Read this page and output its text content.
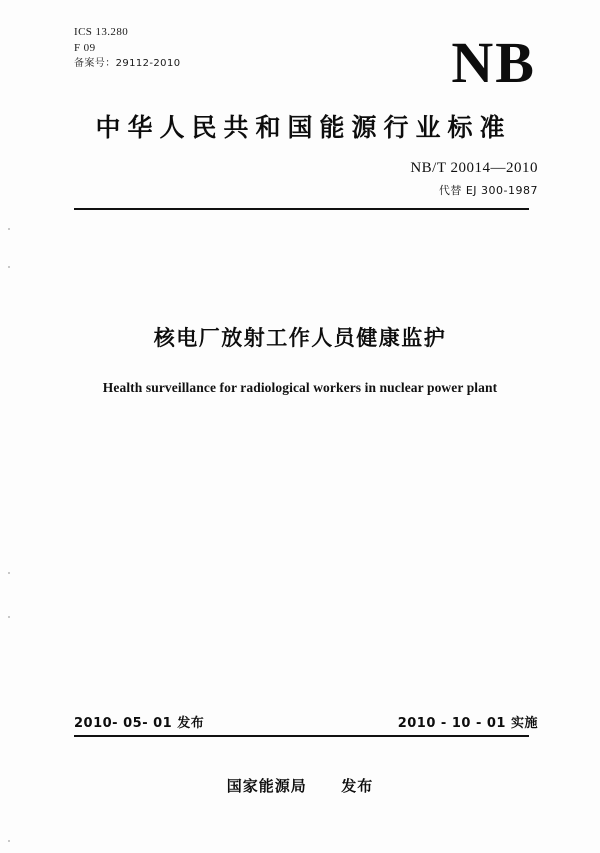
ICS 13.280
F 09
备案号：29112-2010	NB
中华人民共和国能源行业标准
NB/T 20014—2010
代替 EJ 300-1987
核电厂放射工作人员健康监护
Health surveillance for radiological workers in nuclear power plant
2010- 05- 01 发布	2010 - 10 - 01 实施
国家能源局 发布
